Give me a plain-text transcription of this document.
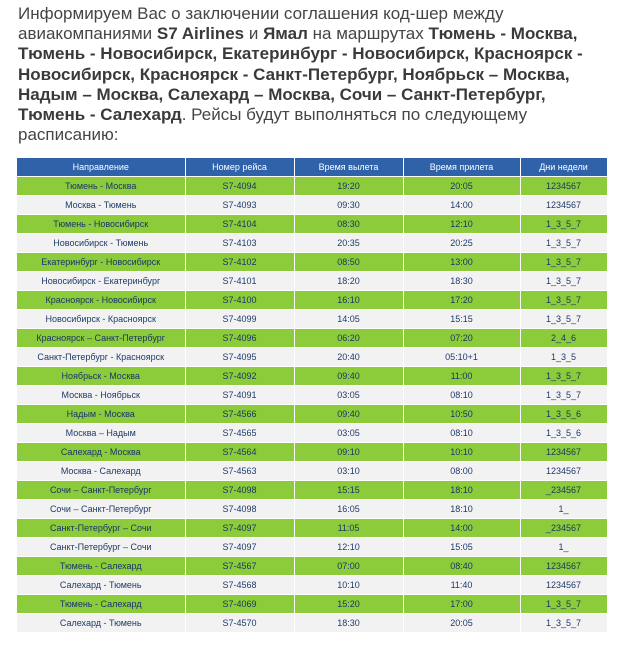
Информируем Вас о заключении соглашения код-шер между авиакомпаниями S7 Airlines и Ямал на маршрутах Тюмень - Москва, Тюмень - Новосибирск, Екатеринбург - Новосибирск, Красноярск - Новосибирск, Красноярск - Санкт-Петербург, Ноябрьск – Москва, Надым – Москва, Салехард – Москва, Сочи – Санкт-Петербург, Тюмень - Салехард. Рейсы будут выполняться по следующему расписанию:
Направление	Номер рейса	Время вылета	Время прилета	Дни недели
Тюмень - Москва	S7-4094	19:20	20:05	1234567
Москва - Тюмень	S7-4093	09:30	14:00	1234567
Тюмень - Новосибирск	S7-4104	08:30	12:10	1_3_5_7
Новосибирск - Тюмень	S7-4103	20:35	20:25	1_3_5_7
Екатеринбург - Новосибирск	S7-4102	08:50	13:00	1_3_5_7
Новосибирск - Екатеринбург	S7-4101	18:20	18:30	1_3_5_7
Красноярск - Новосибирск	S7-4100	16:10	17:20	1_3_5_7
Новосибирск - Красноярск	S7-4099	14:05	15:15	1_3_5_7
Красноярск – Санкт-Петербург	S7-4096	06:20	07:20	2_4_6
Санкт-Петербург - Красноярск	S7-4095	20:40	05:10+1	1_3_5
Ноябрьск - Москва	S7-4092	09:40	11:00	1_3_5_7
Москва - Ноябрьск	S7-4091	03:05	08:10	1_3_5_7
Надым - Москва	S7-4566	09:40	10:50	1_3_5_6
Москва – Надым	S7-4565	03:05	08:10	1_3_5_6
Салехард - Москва	S7-4564	09:10	10:10	1234567
Москва - Салехард	S7-4563	03:10	08:00	1234567
Сочи – Санкт-Петербург	S7-4098	15:15	18:10	_234567
Сочи – Санкт-Петербург	S7-4098	16:05	18:10	1_
Санкт-Петербург – Сочи	S7-4097	11:05	14:00	_234567
Санкт-Петербург – Сочи	S7-4097	12:10	15:05	1_
Тюмень - Салехард	S7-4567	07:00	08:40	1234567
Салехард - Тюмень	S7-4568	10:10	11:40	1234567
Тюмень - Салехард	S7-4069	15:20	17:00	1_3_5_7
Салехард - Тюмень	S7-4570	18:30	20:05	1_3_5_7
